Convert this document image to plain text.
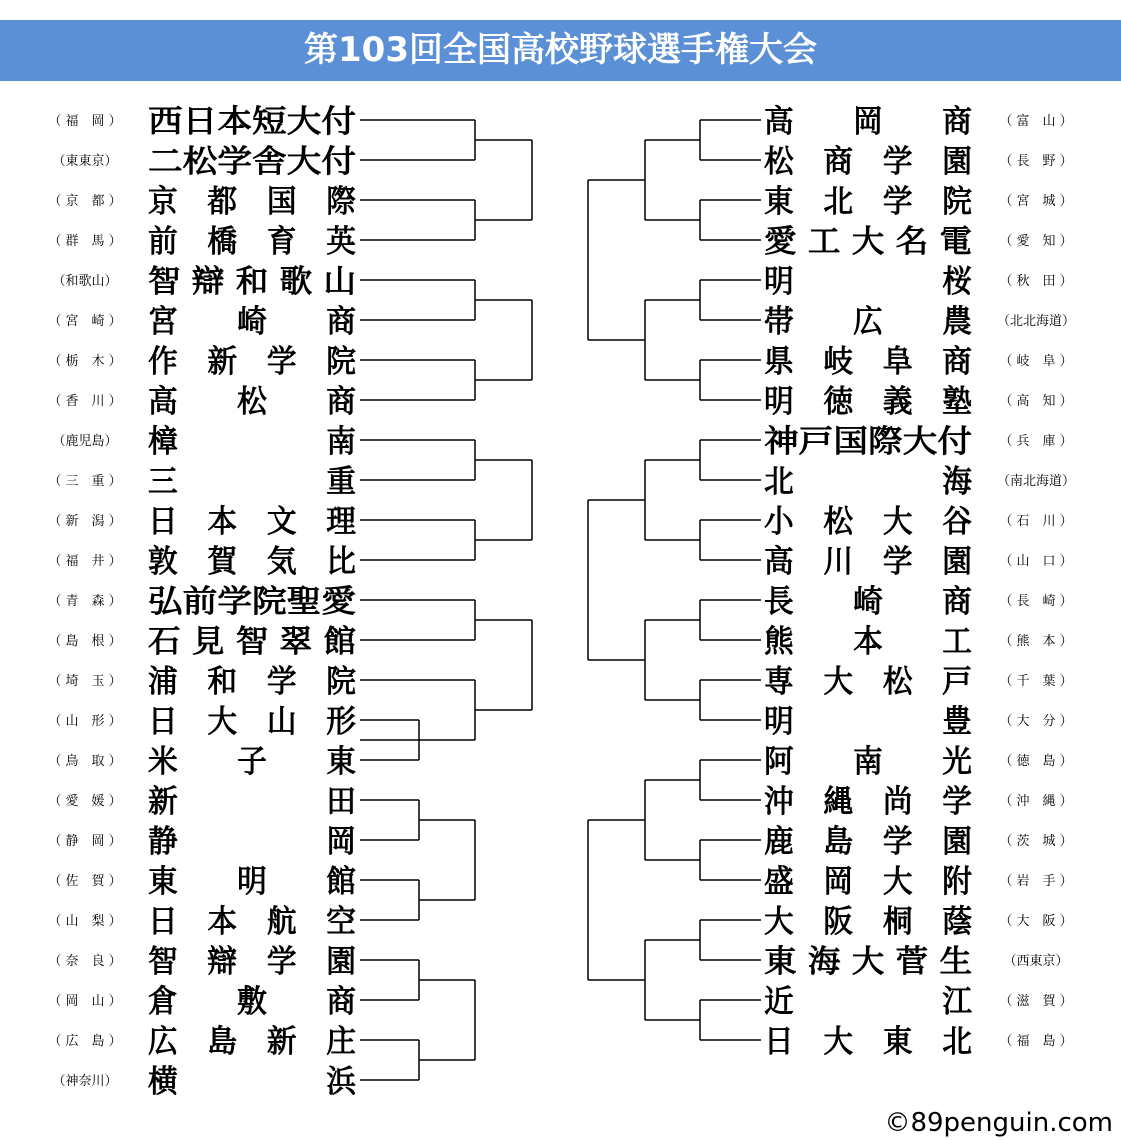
第103回全国高校野球選手権大会
（ 福　岡 ） 西日本短大付
（東東京） 二松学舎大付
（ 京　都 ） 京　都　国　際
（ 群　馬 ） 前　橋　育　英
（和歌山） 智 辯 和 歌 山
（ 宮　崎 ） 宮　　崎　　商
（ 栃　木 ） 作　新　学　院
（ 香　川 ） 高　　松　　商
（鹿児島） 樟　　　　　南
（ 三　重 ） 三　　　　　重
（ 新　潟 ） 日　本　文　理
（ 福　井 ） 敦　賀　気　比
（ 青　森 ） 弘前学院聖愛
（ 島　根 ） 石 見 智 翠 館
（ 埼　玉 ） 浦　和　学　院
（ 山　形 ） 日　大　山　形
（ 鳥　取 ） 米　　子　　東
（ 愛　媛 ） 新　　　　　田
（ 静　岡 ） 静　　　　　岡
（ 佐　賀 ） 東　　明　　館
（ 山　梨 ） 日　本　航　空
（ 奈　良 ） 智　辯　学　園
（ 岡　山 ） 倉　　敷　　商
（ 広　島 ） 広　島　新　庄
（神奈川） 横　　　　　浜
高　　岡　　商 （ 富　山 ）
松　商　学　園 （ 長　野 ）
東　北　学　院 （ 宮　城 ）
愛 工 大 名 電 （ 愛　知 ）
明　　　　　桜 （ 秋　田 ）
帯　　広　　農 （北北海道）
県　岐　阜　商 （ 岐　阜 ）
明　徳　義　塾 （ 高　知 ）
神戸国際大付 （ 兵　庫 ）
北　　　　　海 （南北海道）
小　松　大　谷 （ 石　川 ）
高　川　学　園 （ 山　口 ）
長　　崎　　商 （ 長　崎 ）
熊　　本　　工 （ 熊　本 ）
専　大　松　戸 （ 千　葉 ）
明　　　　　豊 （ 大　分 ）
阿　　南　　光 （ 徳　島 ）
沖　縄　尚　学 （ 沖　縄 ）
鹿　島　学　園 （ 茨　城 ）
盛　岡　大　附 （ 岩　手 ）
大　阪　桐　蔭 （ 大　阪 ）
東 海 大 菅 生 （西東京）
近　　　　　江 （ 滋　賀 ）
日　大　東　北 （ 福　島 ）
©89penguin.com
